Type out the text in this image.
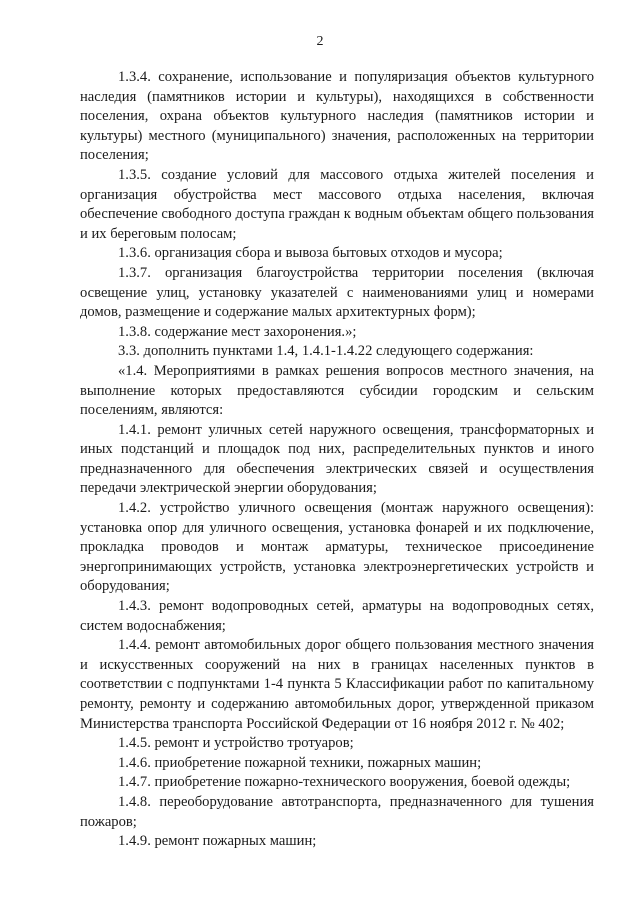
2

1.3.4. сохранение, использование и популяризация объектов культурного наследия (памятников истории и культуры), находящихся в собственности поселения, охрана объектов культурного наследия (памятников истории и культуры) местного (муниципального) значения, расположенных на территории поселения;

1.3.5. создание условий для массового отдыха жителей поселения и организация обустройства мест массового отдыха населения, включая обеспечение свободного доступа граждан к водным объектам общего пользования и их береговым полосам;

1.3.6. организация сбора и вывоза бытовых отходов и мусора;

1.3.7. организация благоустройства территории поселения (включая освещение улиц, установку указателей с наименованиями улиц и номерами домов, размещение и содержание малых архитектурных форм);

1.3.8. содержание мест захоронения.»;

3.3. дополнить пунктами 1.4, 1.4.1-1.4.22 следующего содержания:

«1.4. Мероприятиями в рамках решения вопросов местного значения, на выполнение которых предоставляются субсидии городским и сельским поселениям, являются:

1.4.1. ремонт уличных сетей наружного освещения, трансформаторных и иных подстанций и площадок под них, распределительных пунктов и иного предназначенного для обеспечения электрических связей и осуществления передачи электрической энергии оборудования;

1.4.2. устройство уличного освещения (монтаж наружного освещения): установка опор для уличного освещения, установка фонарей и их подключение, прокладка проводов и монтаж арматуры, техническое присоединение энергопринимающих устройств, установка электроэнергетических устройств и оборудования;

1.4.3. ремонт водопроводных сетей, арматуры на водопроводных сетях, систем водоснабжения;

1.4.4. ремонт автомобильных дорог общего пользования местного значения и искусственных сооружений на них в границах населенных пунктов в соответствии с подпунктами 1-4 пункта 5 Классификации работ по капитальному ремонту, ремонту и содержанию автомобильных дорог, утвержденной приказом Министерства транспорта Российской Федерации от 16 ноября 2012 г. № 402;

1.4.5. ремонт и устройство тротуаров;

1.4.6. приобретение пожарной техники, пожарных машин;

1.4.7. приобретение пожарно-технического вооружения, боевой одежды;

1.4.8. переоборудование автотранспорта, предназначенного для тушения пожаров;

1.4.9. ремонт пожарных машин;
